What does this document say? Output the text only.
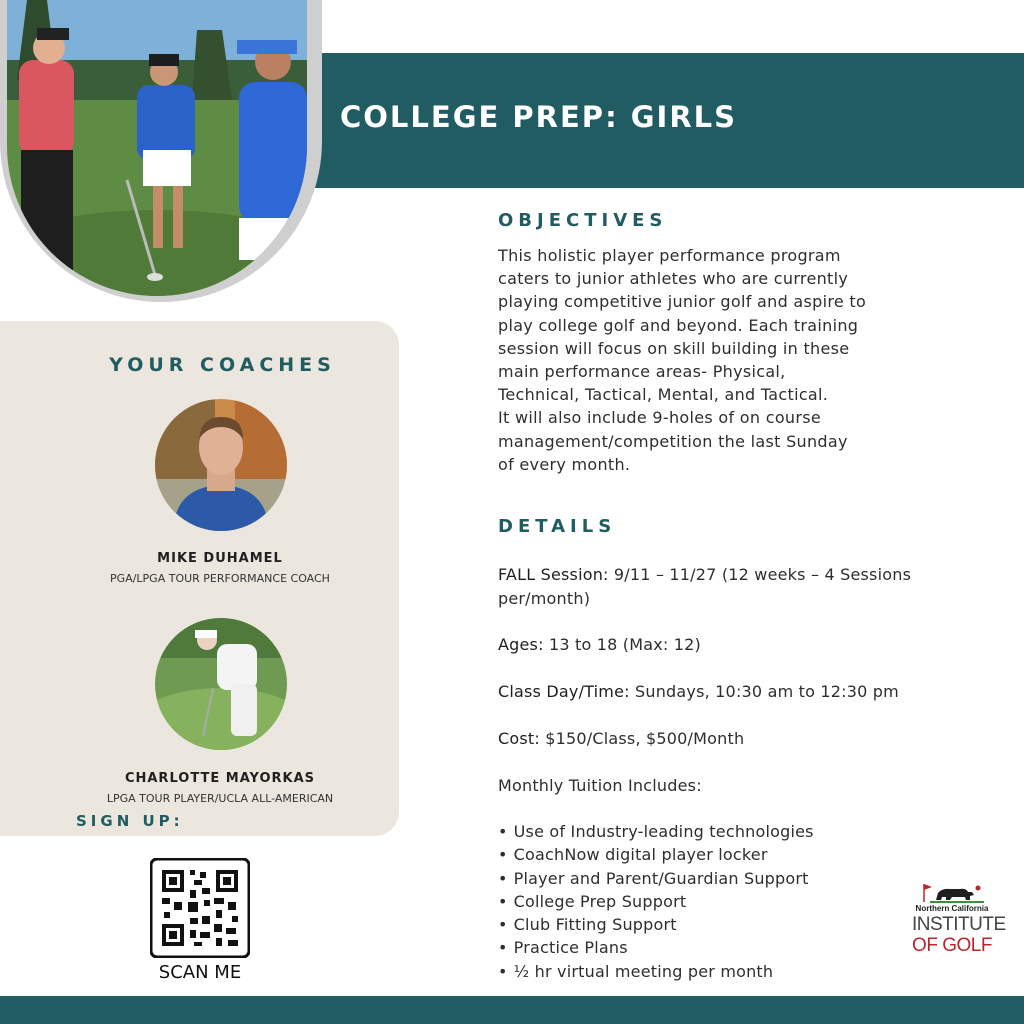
COLLEGE PREP: GIRLS
YOUR COACHES
MIKE DUHAMEL
PGA/LPGA TOUR PERFORMANCE COACH
CHARLOTTE MAYORKAS
LPGA TOUR PLAYER/UCLA ALL-AMERICAN
SIGN UP:
SCAN ME
OBJECTIVES
This holistic player performance program
caters to junior athletes who are currently
playing competitive junior golf and aspire to
play college golf and beyond. Each training
session will focus on skill building in these
main performance areas- Physical,
Technical, Tactical, Mental, and Tactical.
It will also include 9-holes of on course
management/competition the last Sunday
of every month.
DETAILS
FALL Session: 9/11 – 11/27 (12 weeks – 4 Sessions
per/month)
Ages: 13 to 18 (Max: 12)
Class Day/Time: Sundays, 10:30 am to 12:30 pm
Cost: $150/Class, $500/Month
Monthly Tuition Includes:
• Use of Industry-leading technologies
• CoachNow digital player locker
• Player and Parent/Guardian Support
• College Prep Support
• Club Fitting Support
• Practice Plans
• ½ hr virtual meeting per month
Northern California
INSTITUTE
OF GOLF
